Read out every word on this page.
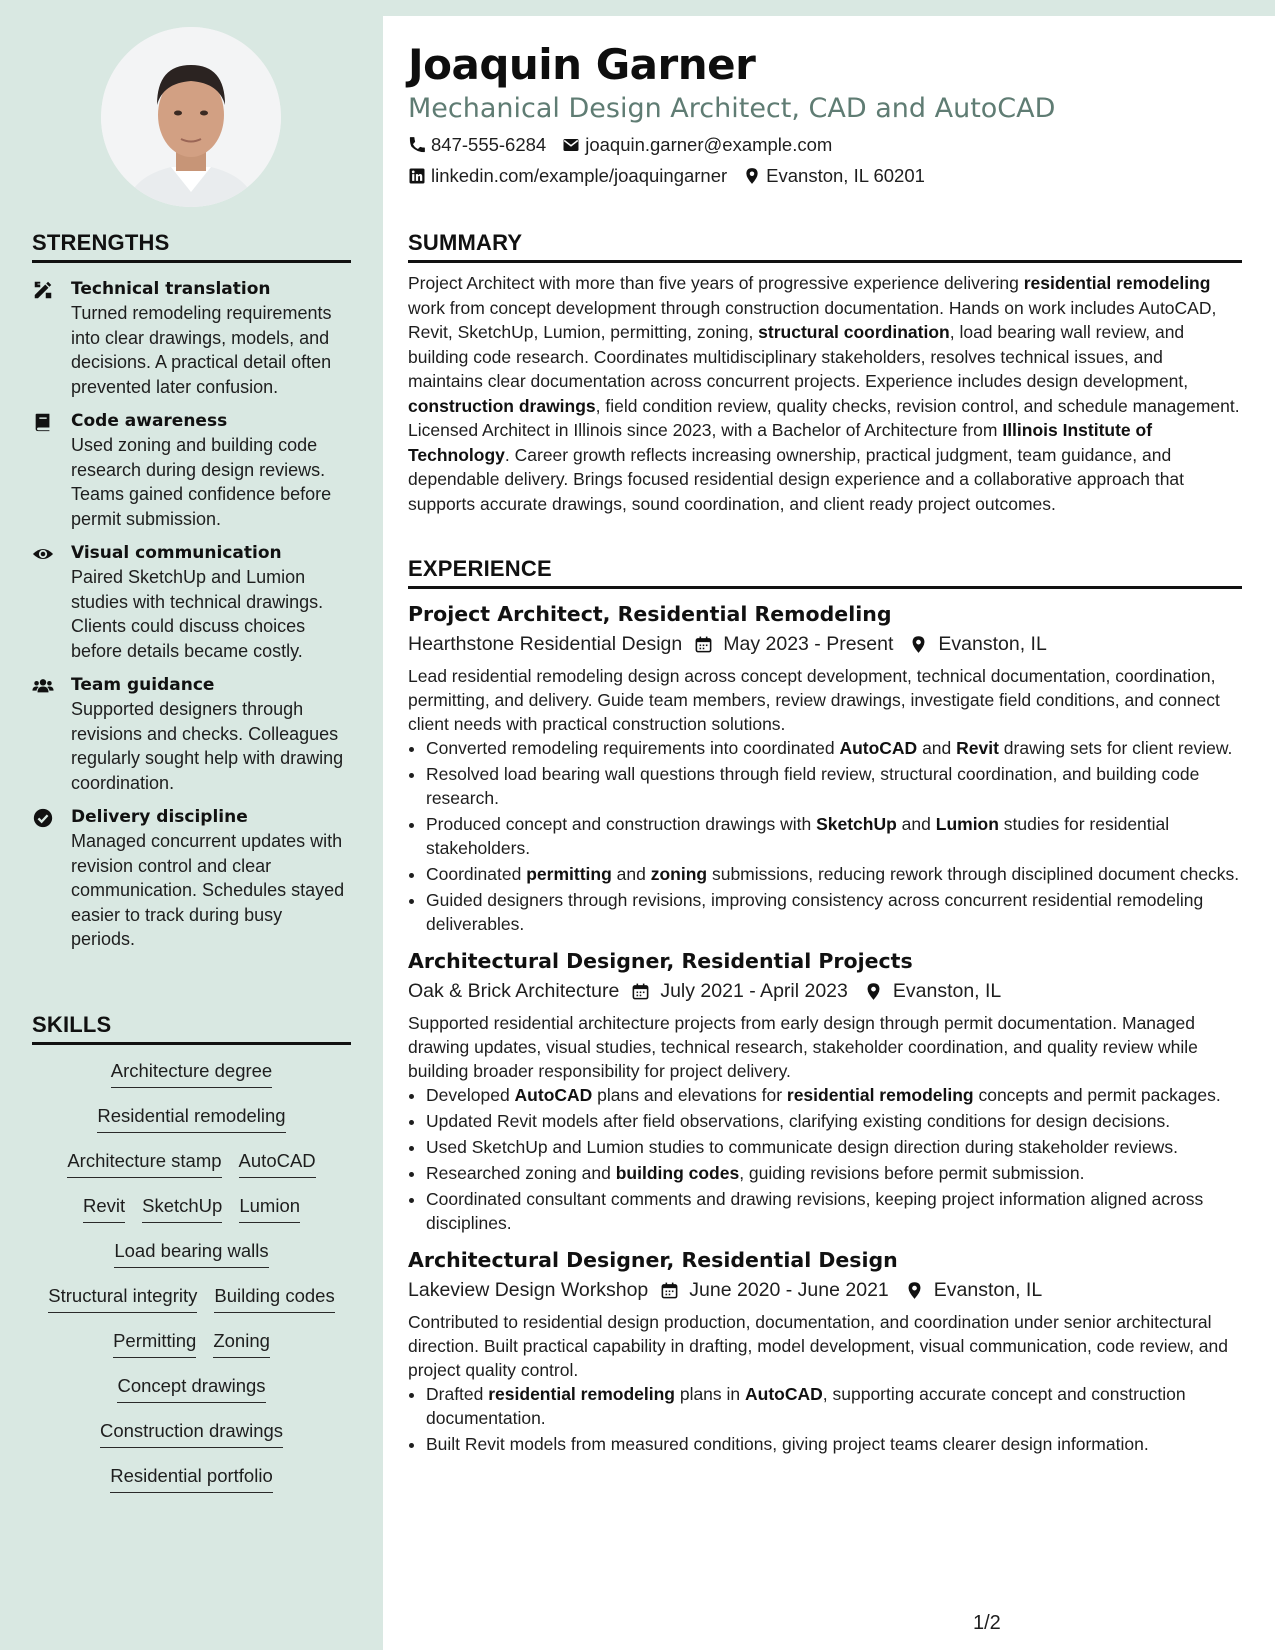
STRENGTHS
Technical translation
Turned remodeling requirements into clear drawings, models, and decisions. A practical detail often prevented later confusion.
Code awareness
Used zoning and building code research during design reviews. Teams gained confidence before permit submission.
Visual communication
Paired SketchUp and Lumion studies with technical drawings. Clients could discuss choices before details became costly.
Team guidance
Supported designers through revisions and checks. Colleagues regularly sought help with drawing coordination.
Delivery discipline
Managed concurrent updates with revision control and clear communication. Schedules stayed easier to track during busy periods.
SKILLS
Architecture degree
Residential remodeling
Architecture stamp AutoCAD
Revit SketchUp Lumion
Load bearing walls
Structural integrity Building codes
Permitting Zoning
Concept drawings
Construction drawings
Residential portfolio
Joaquin Garner
Mechanical Design Architect, CAD and AutoCAD
847-555-6284 joaquin.garner@example.com
linkedin.com/example/joaquingarner Evanston, IL 60201
SUMMARY
Project Architect with more than five years of progressive experience delivering residential remodeling work from concept development through construction documentation. Hands on work includes AutoCAD, Revit, SketchUp, Lumion, permitting, zoning, structural coordination, load bearing wall review, and building code research. Coordinates multidisciplinary stakeholders, resolves technical issues, and maintains clear documentation across concurrent projects. Experience includes design development, construction drawings, field condition review, quality checks, revision control, and schedule management. Licensed Architect in Illinois since 2023, with a Bachelor of Architecture from Illinois Institute of Technology. Career growth reflects increasing ownership, practical judgment, team guidance, and dependable delivery. Brings focused residential design experience and a collaborative approach that supports accurate drawings, sound coordination, and client ready project outcomes.
EXPERIENCE
Project Architect, Residential Remodeling
Hearthstone Residential Design May 2023 - Present Evanston, IL
Lead residential remodeling design across concept development, technical documentation, coordination, permitting, and delivery. Guide team members, review drawings, investigate field conditions, and connect client needs with practical construction solutions.
• Converted remodeling requirements into coordinated AutoCAD and Revit drawing sets for client review.
• Resolved load bearing wall questions through field review, structural coordination, and building code research.
• Produced concept and construction drawings with SketchUp and Lumion studies for residential stakeholders.
• Coordinated permitting and zoning submissions, reducing rework through disciplined document checks.
• Guided designers through revisions, improving consistency across concurrent residential remodeling deliverables.
Architectural Designer, Residential Projects
Oak & Brick Architecture July 2021 - April 2023 Evanston, IL
Supported residential architecture projects from early design through permit documentation. Managed drawing updates, visual studies, technical research, stakeholder coordination, and quality review while building broader responsibility for project delivery.
• Developed AutoCAD plans and elevations for residential remodeling concepts and permit packages.
• Updated Revit models after field observations, clarifying existing conditions for design decisions.
• Used SketchUp and Lumion studies to communicate design direction during stakeholder reviews.
• Researched zoning and building codes, guiding revisions before permit submission.
• Coordinated consultant comments and drawing revisions, keeping project information aligned across disciplines.
Architectural Designer, Residential Design
Lakeview Design Workshop June 2020 - June 2021 Evanston, IL
Contributed to residential design production, documentation, and coordination under senior architectural direction. Built practical capability in drafting, model development, visual communication, code review, and project quality control.
• Drafted residential remodeling plans in AutoCAD, supporting accurate concept and construction documentation.
• Built Revit models from measured conditions, giving project teams clearer design information.
1/2
